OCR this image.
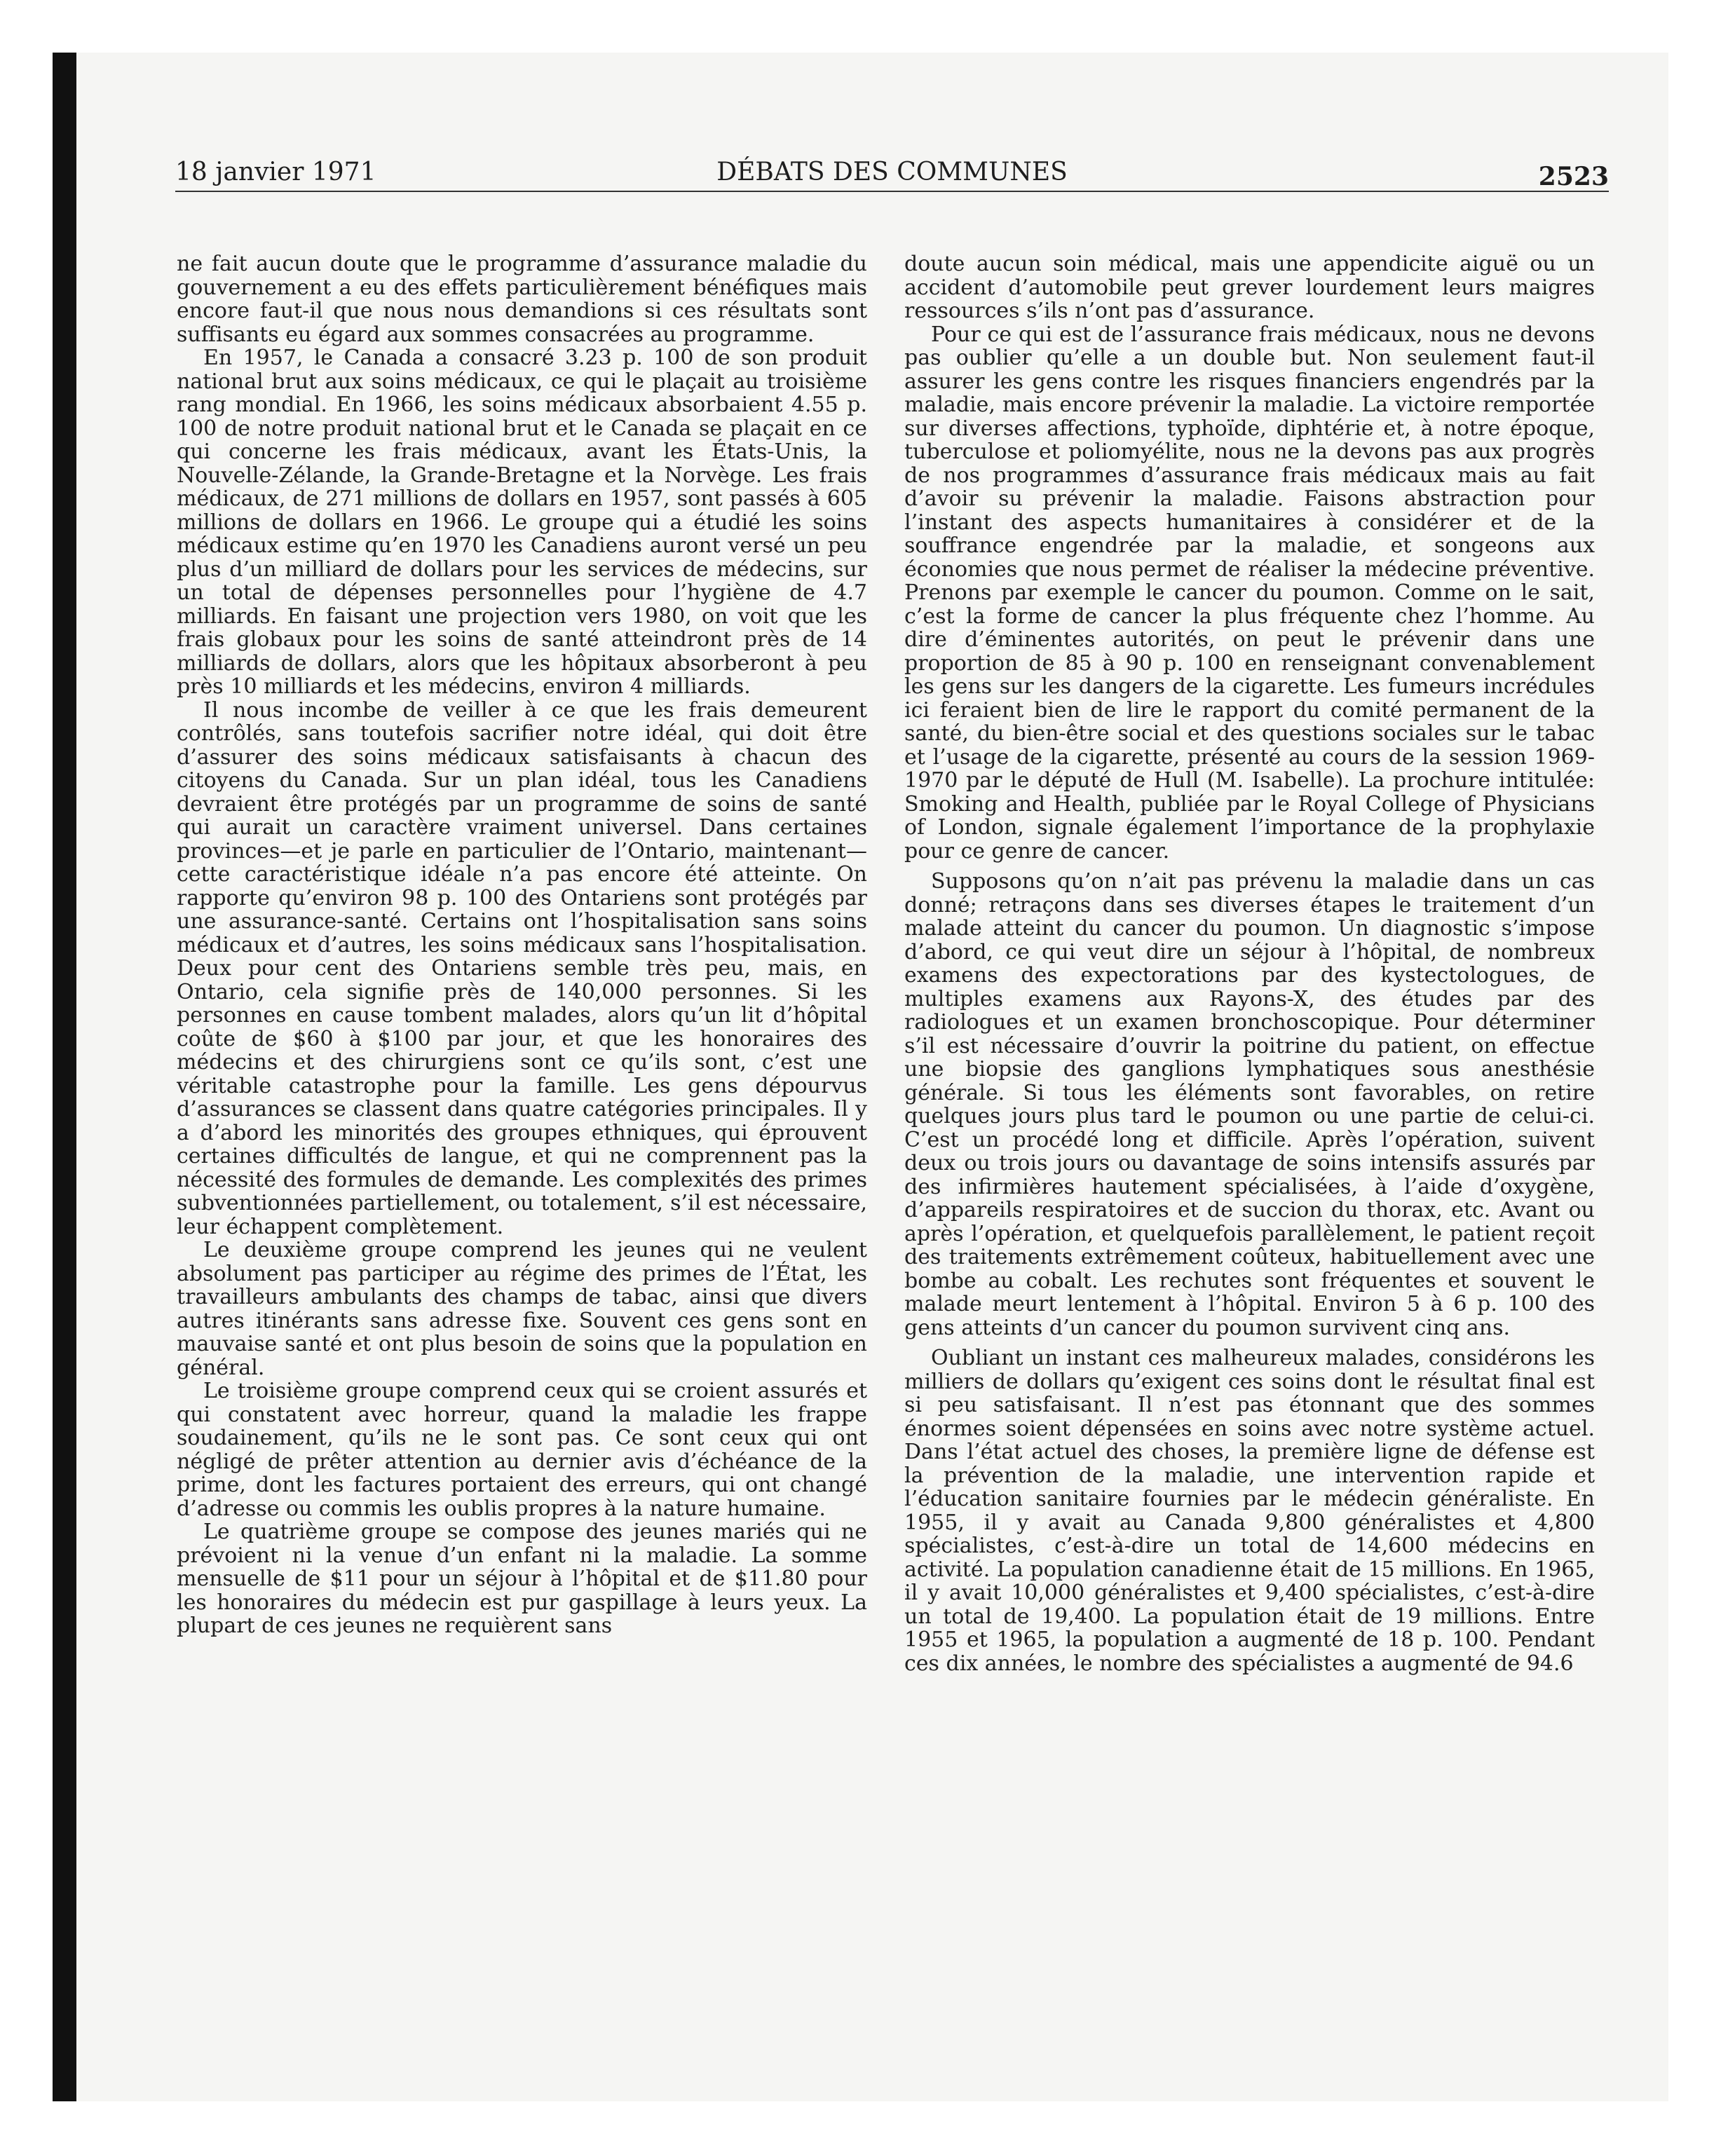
18 janvier 1971	DÉBATS DES COMMUNES	2523

ne fait aucun doute que le programme d’assurance maladie du gouvernement a eu des effets particulièrement bénéfiques mais encore faut-il que nous nous demandions si ces résultats sont suffisants eu égard aux sommes consacrées au programme.

En 1957, le Canada a consacré 3.23 p. 100 de son produit national brut aux soins médicaux, ce qui le plaçait au troisième rang mondial. En 1966, les soins médicaux absorbaient 4.55 p. 100 de notre produit national brut et le Canada se plaçait en ce qui concerne les frais médicaux, avant les États-Unis, la Nouvelle-Zélande, la Grande-Bretagne et la Norvège. Les frais médicaux, de 271 millions de dollars en 1957, sont passés à 605 millions de dollars en 1966. Le groupe qui a étudié les soins médicaux estime qu’en 1970 les Canadiens auront versé un peu plus d’un milliard de dollars pour les services de médecins, sur un total de dépenses personnelles pour l’hygiène de 4.7 milliards. En faisant une projection vers 1980, on voit que les frais globaux pour les soins de santé atteindront près de 14 milliards de dollars, alors que les hôpitaux absorberont à peu près 10 milliards et les médecins, environ 4 milliards.

Il nous incombe de veiller à ce que les frais demeurent contrôlés, sans toutefois sacrifier notre idéal, qui doit être d’assurer des soins médicaux satisfaisants à chacun des citoyens du Canada. Sur un plan idéal, tous les Canadiens devraient être protégés par un programme de soins de santé qui aurait un caractère vraiment universel. Dans certaines provinces—et je parle en particulier de l’Ontario, maintenant—cette caractéristique idéale n’a pas encore été atteinte. On rapporte qu’environ 98 p. 100 des Ontariens sont protégés par une assurance-santé. Certains ont l’hospitalisation sans soins médicaux et d’autres, les soins médicaux sans l’hospitalisation. Deux pour cent des Ontariens semble très peu, mais, en Ontario, cela signifie près de 140,000 personnes. Si les personnes en cause tombent malades, alors qu’un lit d’hôpital coûte de $60 à $100 par jour, et que les honoraires des médecins et des chirurgiens sont ce qu’ils sont, c’est une véritable catastrophe pour la famille. Les gens dépourvus d’assurances se classent dans quatre catégories principales. Il y a d’abord les minorités des groupes ethniques, qui éprouvent certaines difficultés de langue, et qui ne comprennent pas la nécessité des formules de demande. Les complexités des primes subventionnées partiellement, ou totalement, s’il est nécessaire, leur échappent complètement.

Le deuxième groupe comprend les jeunes qui ne veulent absolument pas participer au régime des primes de l’État, les travailleurs ambulants des champs de tabac, ainsi que divers autres itinérants sans adresse fixe. Souvent ces gens sont en mauvaise santé et ont plus besoin de soins que la population en général.

Le troisième groupe comprend ceux qui se croient assurés et qui constatent avec horreur, quand la maladie les frappe soudainement, qu’ils ne le sont pas. Ce sont ceux qui ont négligé de prêter attention au dernier avis d’échéance de la prime, dont les factures portaient des erreurs, qui ont changé d’adresse ou commis les oublis propres à la nature humaine.

Le quatrième groupe se compose des jeunes mariés qui ne prévoient ni la venue d’un enfant ni la maladie. La somme mensuelle de $11 pour un séjour à l’hôpital et de $11.80 pour les honoraires du médecin est pur gaspillage à leurs yeux. La plupart de ces jeunes ne requièrent sans

doute aucun soin médical, mais une appendicite aiguë ou un accident d’automobile peut grever lourdement leurs maigres ressources s’ils n’ont pas d’assurance.

Pour ce qui est de l’assurance frais médicaux, nous ne devons pas oublier qu’elle a un double but. Non seulement faut-il assurer les gens contre les risques financiers engendrés par la maladie, mais encore prévenir la maladie. La victoire remportée sur diverses affections, typhoïde, diphtérie et, à notre époque, tuberculose et poliomyélite, nous ne la devons pas aux progrès de nos programmes d’assurance frais médicaux mais au fait d’avoir su prévenir la maladie. Faisons abstraction pour l’instant des aspects humanitaires à considérer et de la souffrance engendrée par la maladie, et songeons aux économies que nous permet de réaliser la médecine préventive. Prenons par exemple le cancer du poumon. Comme on le sait, c’est la forme de cancer la plus fréquente chez l’homme. Au dire d’éminentes autorités, on peut le prévenir dans une proportion de 85 à 90 p. 100 en renseignant convenablement les gens sur les dangers de la cigarette. Les fumeurs incrédules ici feraient bien de lire le rapport du comité permanent de la santé, du bien-être social et des questions sociales sur le tabac et l’usage de la cigarette, présenté au cours de la session 1969-1970 par le député de Hull (M. Isabelle). La prochure intitulée: Smoking and Health, publiée par le Royal College of Physicians of London, signale également l’importance de la prophylaxie pour ce genre de cancer.

Supposons qu’on n’ait pas prévenu la maladie dans un cas donné; retraçons dans ses diverses étapes le traitement d’un malade atteint du cancer du poumon. Un diagnostic s’impose d’abord, ce qui veut dire un séjour à l’hôpital, de nombreux examens des expectorations par des kystectologues, de multiples examens aux Rayons-X, des études par des radiologues et un examen bronchoscopique. Pour déterminer s’il est nécessaire d’ouvrir la poitrine du patient, on effectue une biopsie des ganglions lymphatiques sous anesthésie générale. Si tous les éléments sont favorables, on retire quelques jours plus tard le poumon ou une partie de celui-ci. C’est un procédé long et difficile. Après l’opération, suivent deux ou trois jours ou davantage de soins intensifs assurés par des infirmières hautement spécialisées, à l’aide d’oxygène, d’appareils respiratoires et de succion du thorax, etc. Avant ou après l’opération, et quelquefois parallèlement, le patient reçoit des traitements extrêmement coûteux, habituellement avec une bombe au cobalt. Les rechutes sont fréquentes et souvent le malade meurt lentement à l’hôpital. Environ 5 à 6 p. 100 des gens atteints d’un cancer du poumon survivent cinq ans.

Oubliant un instant ces malheureux malades, considérons les milliers de dollars qu’exigent ces soins dont le résultat final est si peu satisfaisant. Il n’est pas étonnant que des sommes énormes soient dépensées en soins avec notre système actuel. Dans l’état actuel des choses, la première ligne de défense est la prévention de la maladie, une intervention rapide et l’éducation sanitaire fournies par le médecin généraliste. En 1955, il y avait au Canada 9,800 généralistes et 4,800 spécialistes, c’est-à-dire un total de 14,600 médecins en activité. La population canadienne était de 15 millions. En 1965, il y avait 10,000 généralistes et 9,400 spécialistes, c’est-à-dire un total de 19,400. La population était de 19 millions. Entre 1955 et 1965, la population a augmenté de 18 p. 100. Pendant ces dix années, le nombre des spécialistes a augmenté de 94.6
